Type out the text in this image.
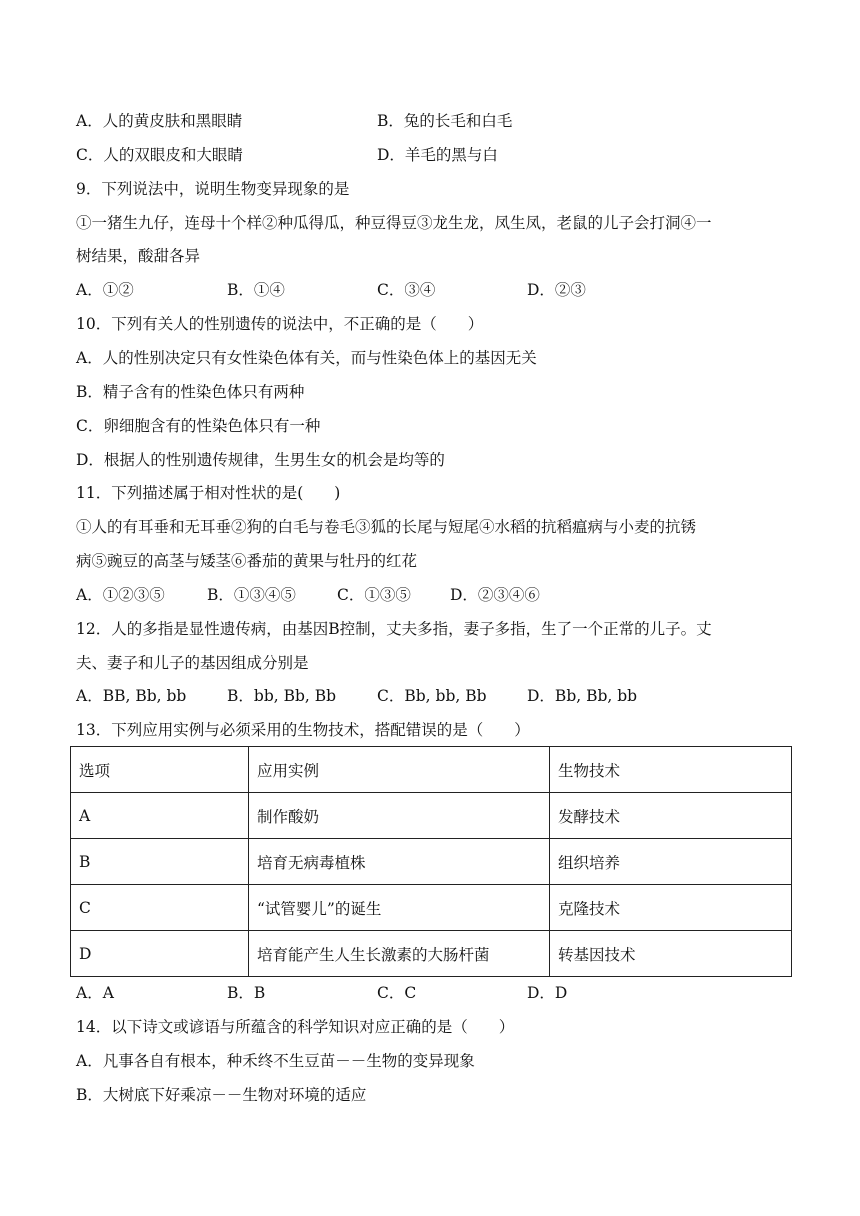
A．人的黄皮肤和黑眼睛	B．兔的长毛和白毛
C．人的双眼皮和大眼睛	D．羊毛的黑与白
9．下列说法中，说明生物变异现象的是
①一猪生九仔，连母十个样②种瓜得瓜，种豆得豆③龙生龙，凤生凤，老鼠的儿子会打洞④一
树结果，酸甜各异
A．①②	B．①④	C．③④	D．②③
10．下列有关人的性别遗传的说法中，不正确的是（　　）
A．人的性别决定只有女性染色体有关，而与性染色体上的基因无关
B．精子含有的性染色体只有两种
C．卵细胞含有的性染色体只有一种
D．根据人的性别遗传规律，生男生女的机会是均等的
11．下列描述属于相对性状的是(　　)
①人的有耳垂和无耳垂②狗的白毛与卷毛③狐的长尾与短尾④水稻的抗稻瘟病与小麦的抗锈
病⑤豌豆的高茎与矮茎⑥番茄的黄果与牡丹的红花
A．①②③⑤	B．①③④⑤	C．①③⑤	D．②③④⑥
12．人的多指是显性遗传病，由基因B控制，丈夫多指，妻子多指，生了一个正常的儿子。丈
夫、妻子和儿子的基因组成分别是
A．BB, Bb, bb	B．bb, Bb, Bb	C．Bb, bb, Bb	D．Bb, Bb, bb
13．下列应用实例与必须采用的生物技术，搭配错误的是（　　）
选项	应用实例	生物技术
A	制作酸奶	发酵技术
B	培育无病毒植株	组织培养
C	“试管婴儿”的诞生	克隆技术
D	培育能产生人生长激素的大肠杆菌	转基因技术
A．A	B．B	C．C	D．D
14．以下诗文或谚语与所蕴含的科学知识对应正确的是（　　）
A．凡事各自有根本，种禾终不生豆苗－－生物的变异现象
B．大树底下好乘凉－－生物对环境的适应
